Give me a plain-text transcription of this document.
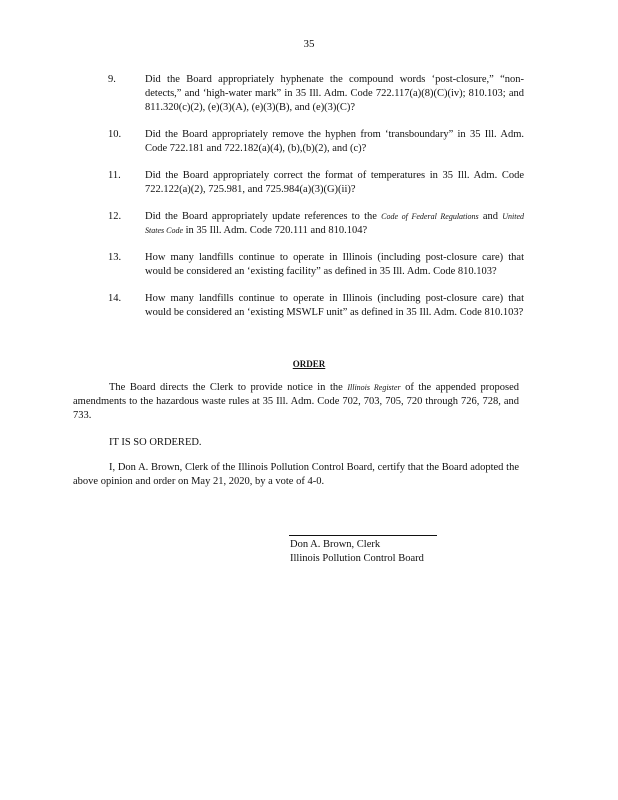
35
9.	Did the Board appropriately hyphenate the compound words ‘post-closure,” “non-detects,” and ‘high-water mark” in 35 Ill. Adm. Code 722.117(a)(8)(C)(iv); 810.103; and 811.320(c)(2), (e)(3)(A), (e)(3)(B), and (e)(3)(C)?
10.	Did the Board appropriately remove the hyphen from ‘transboundary” in 35 Ill. Adm. Code 722.181 and 722.182(a)(4), (b),(b)(2), and (c)?
11.	Did the Board appropriately correct the format of temperatures in 35 Ill. Adm. Code 722.122(a)(2), 725.981, and 725.984(a)(3)(G)(ii)?
12.	Did the Board appropriately update references to the Code of Federal Regulations and United States Code in 35 Ill. Adm. Code 720.111 and 810.104?
13.	How many landfills continue to operate in Illinois (including post-closure care) that would be considered an ‘existing facility” as defined in 35 Ill. Adm. Code 810.103?
14.	How many landfills continue to operate in Illinois (including post-closure care) that would be considered an ‘existing MSWLF unit” as defined in 35 Ill. Adm. Code 810.103?
ORDER

The Board directs the Clerk to provide notice in the Illinois Register of the appended proposed amendments to the hazardous waste rules at 35 Ill. Adm. Code 702, 703, 705, 720 through 726, 728, and 733.

IT IS SO ORDERED.

I, Don A. Brown, Clerk of the Illinois Pollution Control Board, certify that the Board adopted the above opinion and order on May 21, 2020, by a vote of 4-0.

Don A. Brown, Clerk
Illinois Pollution Control Board
